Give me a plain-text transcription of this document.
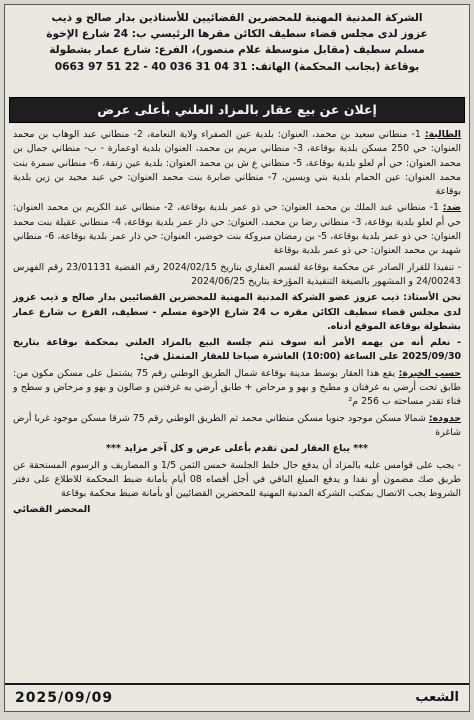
الشركة المدنية المهنية للمحضرين القضائيين للأستاذين بدار صالح و ذيب
عزوز لدى مجلس قضاء سطيف الكائن مقرها الرئيسي ب: 24 شارع الإخوة
مسلم سطيف (مقابل متوسطة علام منصور)، الفرع: شارع عمار بشطولة
بوقاعة (بجانب المحكمة) الهاتف: 31 04 31 036 40 - 22 51 97 0663
إعلان عن بيع عقار بالمزاد العلني بأعلى عرض

الطالبة: 1- منطاني سعيد بن محمد، العنوان: بلدية عين الصفراء ولاية النعامة، 2- منطاني عبد الوهاب بن محمد العنوان: حي 250 مسكن بلدية بوقاعة، 3- منطاني مريم بن محمد، العنوان بلدية اوعمارة - ب- منطاني جمال بن محمد العنوان: حي أم لعلو بلدية بوقاعة، 5- منطاني ع ش بن محمد العنوان: بلدية عين زنقة، 6- منطاني سمرة بنت محمد العنوان: عين الحمام بلدية بني ويسين، 7- منطاني صابرة بنت محمد العنوان: حي عبد مجيد بن زين بلدية بوقاعة

ضد: 1- منطاني عبد الملك بن محمد العنوان: حي ذو عمر بلدية بوقاعة، 2- منطاني عبد الكريم بن محمد العنوان: حي أم لعلو بلدية بوقاعة، 3- منطاني رضا بن محمد، العنوان: حي ذار عمر بلدية بوقاعة، 4- منطاني عقيلة بنت محمد العنوان: حي ذو عمر بلدية بوقاعة، 5- بن رمضان مبروكة بنت خوضير، العنوان: حي ذار عمر بلدية بوقاعة، 6- منطاني شهيد بن محمد العنوان: حي ذو عمر بلدية بوقاعة

- تنفيذا للقرار الصادر عن محكمة بوقاعة لقسم العقاري بتاريخ 2024/02/15 رقم القضية 23/01131 رقم الفهرس 24/00243 و المشهور بالصيغة التنفيذية المؤرخة بتاريخ 2024/06/25

نحن الأستاذ: ذيب عزوز عضو الشركة المدنية المهنية للمحضرين القضائيين بدار صالح و ذيب عزوز لدى مجلس قضاء سطيف الكائن مقره ب 24 شارع الإخوة مسلم - سطيف، الفرع ب شارع عمار بشطولة بوقاعة الموقع أدناه.

- نعلم أنه من يهمه الأمر أنه سوف تتم جلسة البيع بالمزاد العلني بمحكمة بوقاعة بتاريخ 2025/09/30 على الساعة (10:00) العاشرة صباحا للعقار المتمثل في:

حسب الخبرة: يقع هذا العقار بوسط مدينة بوقاعة شمال الطريق الوطني رقم 75 يشتمل على مسكن مكون من: طابق تحت أرضي به غرفتان و مطبخ و بهو و مرحاض + طابق أرضي به غرفتين و صالون و بهو و مرحاض و سطح و فناء تقدر مساحته ب 256 م²

حدوده: شمالا مسكن موجود جنوبا مسكن منطاني محمد ثم الطريق الوطني رقم 75 شرقا مسكن موجود غربا أرض شاغرة

*** يباع العقار لمن تقدم بأعلى عرض و كل آخر مزايد ***

- يجب على قوامس عليه بالمزاد أن يدفع حال خلط الجلسة خمس الثمن 1/5 و المصاريف و الرسوم المستحقة عن طريق صك مضمون أو نقدا و يدفع المبلغ الباقي في أجل أقصاه 08 أيام بأمانة ضبط المحكمة للاطلاع على دفتر الشروط يجب الاتصال بمكتب الشركة المدنية المهنية للمحضرين القضائيين أو بأمانة ضبط محكمة بوقاعة

المحضر القضائي
الشعب
2025/09/09
